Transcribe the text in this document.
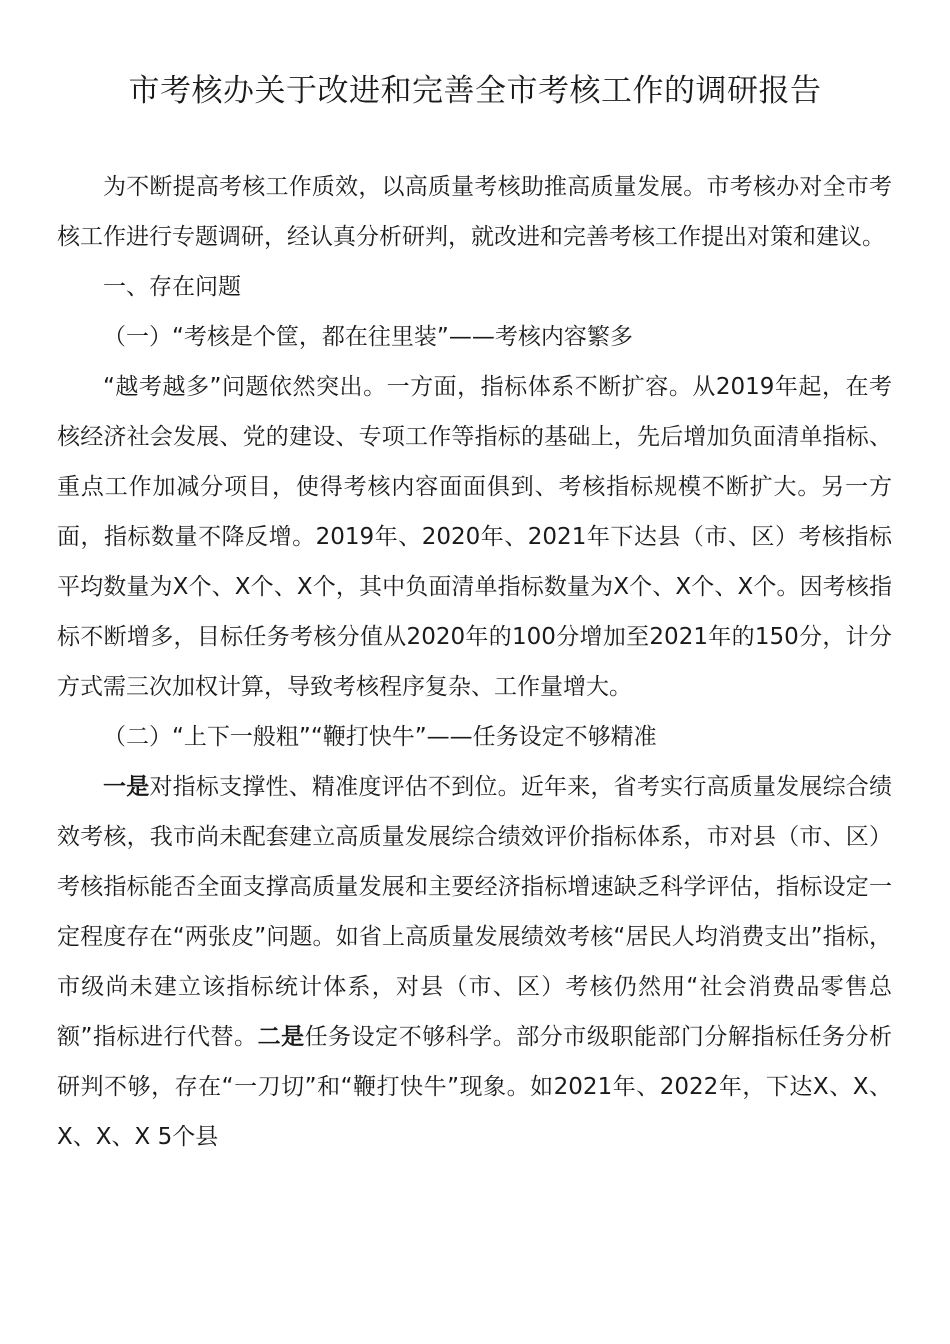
市考核办关于改进和完善全市考核工作的调研报告

为不断提高考核工作质效，以高质量考核助推高质量发展。市考核办对全市考核工作进行专题调研，经认真分析研判，就改进和完善考核工作提出对策和建议。

一、存在问题

（一）“考核是个筐，都在往里装”——考核内容繁多

“越考越多”问题依然突出。一方面，指标体系不断扩容。从2019年起，在考核经济社会发展、党的建设、专项工作等指标的基础上，先后增加负面清单指标、重点工作加减分项目，使得考核内容面面俱到、考核指标规模不断扩大。另一方面，指标数量不降反增。2019年、2020年、2021年下达县（市、区）考核指标平均数量为X个、X个、X个，其中负面清单指标数量为X个、X个、X个。因考核指标不断增多，目标任务考核分值从2020年的100分增加至2021年的150分，计分方式需三次加权计算，导致考核程序复杂、工作量增大。

（二）“上下一般粗”“鞭打快牛”——任务设定不够精准

一是对指标支撑性、精准度评估不到位。近年来，省考实行高质量发展综合绩效考核，我市尚未配套建立高质量发展综合绩效评价指标体系，市对县（市、区）考核指标能否全面支撑高质量发展和主要经济指标增速缺乏科学评估，指标设定一定程度存在“两张皮”问题。如省上高质量发展绩效考核“居民人均消费支出”指标，市级尚未建立该指标统计体系，对县（市、区）考核仍然用“社会消费品零售总额”指标进行代替。二是任务设定不够科学。部分市级职能部门分解指标任务分析研判不够，存在“一刀切”和“鞭打快牛”现象。如2021年、2022年，下达X、X、X、X、X 5个县
